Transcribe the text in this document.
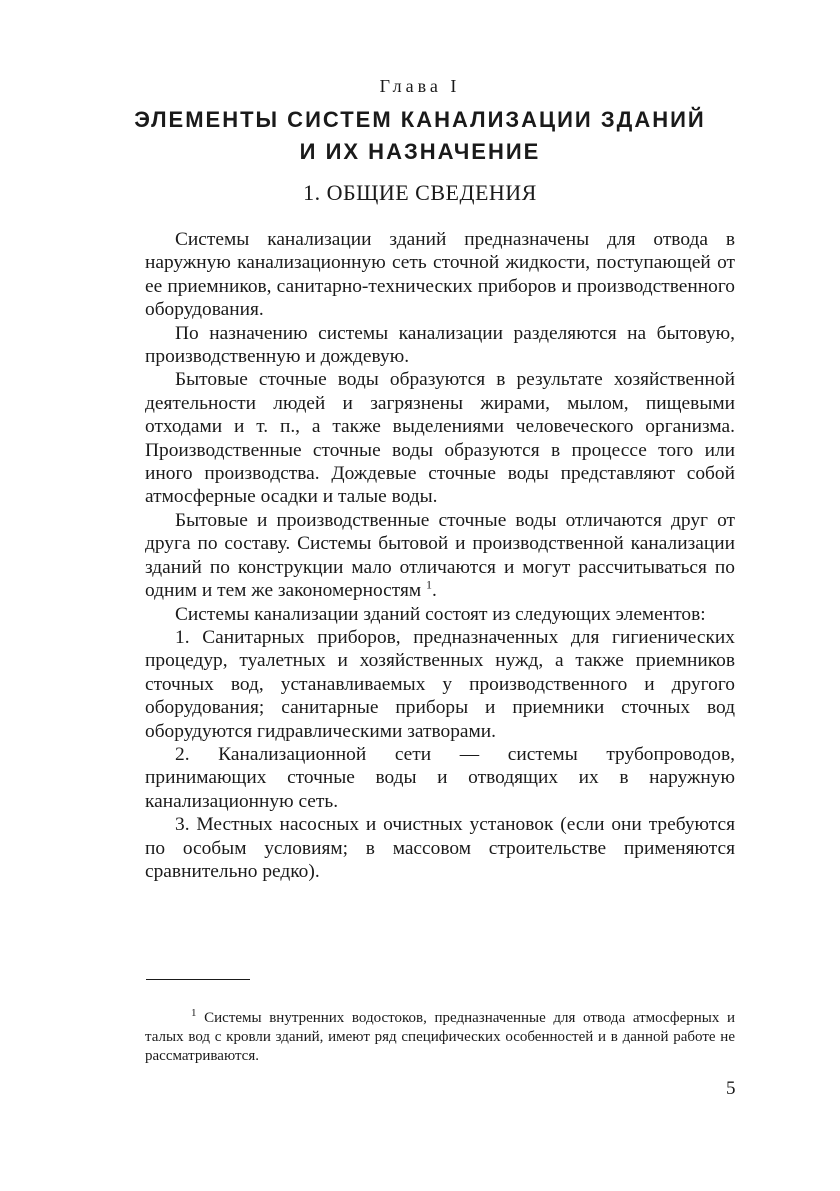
Глава I
ЭЛЕМЕНТЫ СИСТЕМ КАНАЛИЗАЦИИ ЗДАНИЙ
И ИХ НАЗНАЧЕНИЕ
1. ОБЩИЕ СВЕДЕНИЯ

Системы канализации зданий предназначены для отвода в наружную канализационную сеть сточной жидкости, поступающей от ее приемников, санитарно-технических приборов и производственного оборудования.

По назначению системы канализации разделяются на бытовую, производственную и дождевую.

Бытовые сточные воды образуются в результате хозяйственной деятельности людей и загрязнены жирами, мылом, пищевыми отходами и т. п., а также выделениями человеческого организма. Производственные сточные воды образуются в процессе того или иного производства. Дождевые сточные воды представляют собой атмосферные осадки и талые воды.

Бытовые и производственные сточные воды отличаются друг от друга по составу. Системы бытовой и производственной канализации зданий по конструкции мало отличаются и могут рассчитываться по одним и тем же закономерностям $^1$.

Системы канализации зданий состоят из следующих элементов:

1. Санитарных приборов, предназначенных для гигиенических процедур, туалетных и хозяйственных нужд, а также приемников сточных вод, устанавливаемых у производственного и другого оборудования; санитарные приборы и приемники сточных вод оборудуются гидравлическими затворами.

2. Канализационной сети — системы трубопроводов, принимающих сточные воды и отводящих их в наружную канализационную сеть.

3. Местных насосных и очистных установок (если они требуются по особым условиям; в массовом строительстве применяются сравнительно редко).

$^1$ Системы внутренних водостоков, предназначенные для отвода атмосферных и талых вод с кровли зданий, имеют ряд специфических особенностей и в данной работе не рассматриваются.

5
